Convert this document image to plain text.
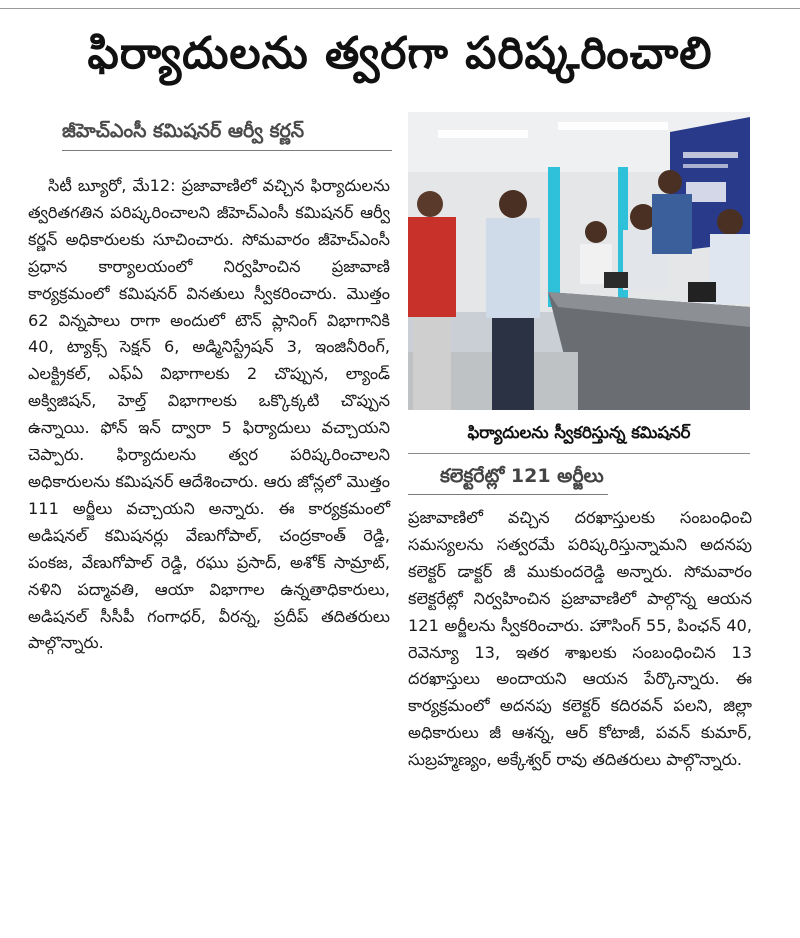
ఫిర్యాదులను త్వరగా పరిష్కరించాలి
జీహెచ్ఎంసీ కమిషనర్ ఆర్వీ కర్ణన్

సిటీ బ్యూరో, మే12: ప్రజావాణిలో వచ్చిన ఫిర్యాదులను త్వరితగతిన పరిష్కరించాలని జీహెచ్ఎంసీ కమిషనర్ ఆర్వీ కర్ణన్ అధికారులకు సూచించారు. సోమవారం జీహెచ్ఎంసీ ప్రధాన కార్యాలయంలో నిర్వహించిన ప్రజావాణి కార్యక్రమంలో కమిషనర్ వినతులు స్వీకరించారు. మొత్తం 62 విన్నపాలు రాగా అందులో టౌన్ ప్లానింగ్ విభాగానికి 40, ట్యాక్స్ సెక్షన్ 6, అడ్మినిస్ట్రేషన్ 3, ఇంజినీరింగ్, ఎలక్ట్రికల్, ఎఫ్ఏ విభాగాలకు 2 చొప్పున, ల్యాండ్ అక్విజిషన్, హెల్త్ విభాగాలకు ఒక్కొక్కటి చొప్పున ఉన్నాయి. ఫోన్ ఇన్ ద్వారా 5 ఫిర్యాదులు వచ్చాయని చెప్పారు. ఫిర్యాదులను త్వర పరిష్కరించాలని అధికారులను కమిషనర్ ఆదేశించారు. ఆరు జోన్లలో మొత్తం 111 అర్జీలు వచ్చాయని అన్నారు. ఈ కార్యక్రమంలో అడిషనల్ కమిషనర్లు వేణుగోపాల్, చంద్రకాంత్ రెడ్డి, పంకజ, వేణుగోపాల్ రెడ్డి, రఘు ప్రసాద్, అశోక్ సామ్రాట్, నళిని పద్మావతి, ఆయా విభాగాల ఉన్నతాధికారులు, అడిషనల్ సీసీపీ గంగాధర్, వీరన్న, ప్రదీప్ తదితరులు పాల్గొన్నారు.

ఫిర్యాదులను స్వీకరిస్తున్న కమిషనర్
కలెక్టరేట్లో 121 అర్జీలు

ప్రజావాణిలో వచ్చిన దరఖాస్తులకు సంబంధించి సమస్యలను సత్వరమే పరిష్కరిస్తున్నామని అదనపు కలెక్టర్ డాక్టర్ జీ ముకుందరెడ్డి అన్నారు. సోమవారం కలెక్టరేట్లో నిర్వహించిన ప్రజావాణిలో పాల్గొన్న ఆయన 121 అర్జీలను స్వీకరించారు. హౌసింగ్ 55, పింఛన్ 40, రెవెన్యూ 13, ఇతర శాఖలకు సంబంధించిన 13 దరఖాస్తులు అందాయని ఆయన పేర్కొన్నారు. ఈ కార్యక్రమంలో అదనపు కలెక్టర్ కదిరవన్ పలని, జిల్లా అధికారులు జీ ఆశన్న, ఆర్ కోటాజీ, పవన్ కుమార్, సుబ్రహ్మణ్యం, అక్కేశ్వర్ రావు తదితరులు పాల్గొన్నారు.
